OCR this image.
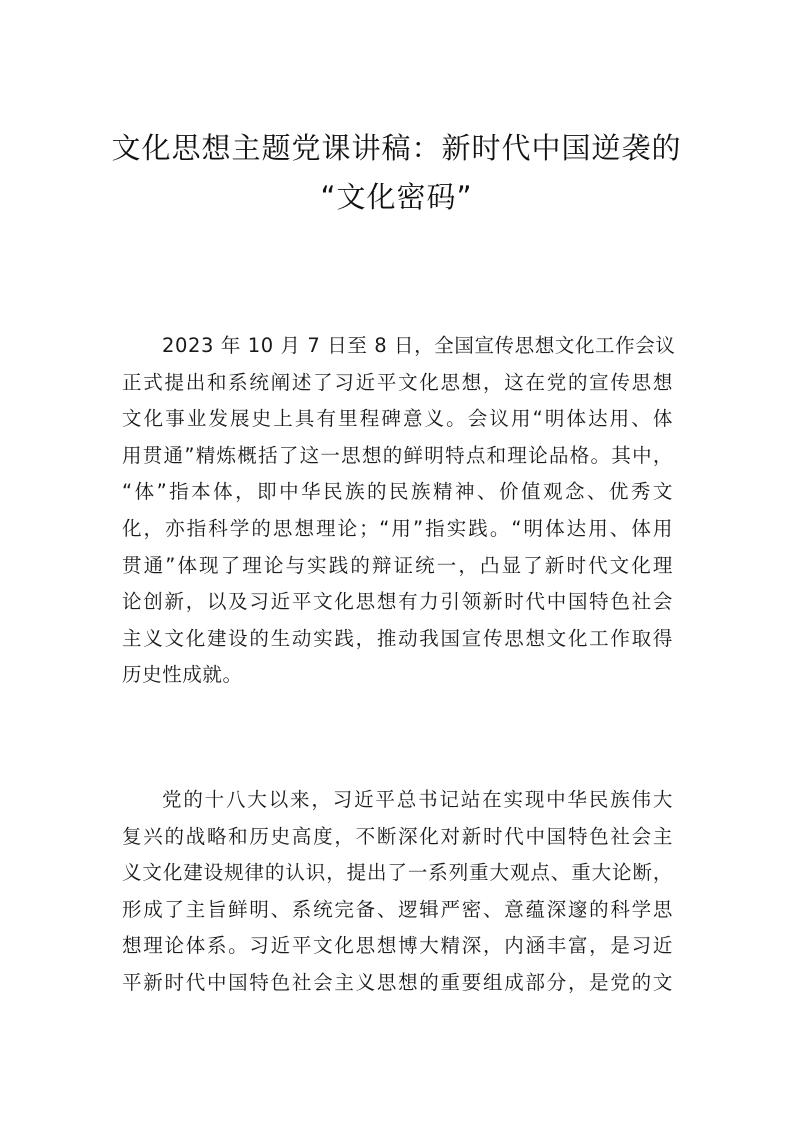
文化思想主题党课讲稿：新时代中国逆袭的
“文化密码”
2023 年 10 月 7 日至 8 日，全国宣传思想文化工作会议
正式提出和系统阐述了习近平文化思想，这在党的宣传思想
文化事业发展史上具有里程碑意义。会议用“明体达用、体
用贯通”精炼概括了这一思想的鲜明特点和理论品格。其中，
“体”指本体，即中华民族的民族精神、价值观念、优秀文
化，亦指科学的思想理论；“用”指实践。“明体达用、体用
贯通”体现了理论与实践的辩证统一，凸显了新时代文化理
论创新，以及习近平文化思想有力引领新时代中国特色社会
主义文化建设的生动实践，推动我国宣传思想文化工作取得
历史性成就。
党的十八大以来，习近平总书记站在实现中华民族伟大
复兴的战略和历史高度，不断深化对新时代中国特色社会主
义文化建设规律的认识，提出了一系列重大观点、重大论断，
形成了主旨鲜明、系统完备、逻辑严密、意蕴深邃的科学思
想理论体系。习近平文化思想博大精深，内涵丰富，是习近
平新时代中国特色社会主义思想的重要组成部分，是党的文
